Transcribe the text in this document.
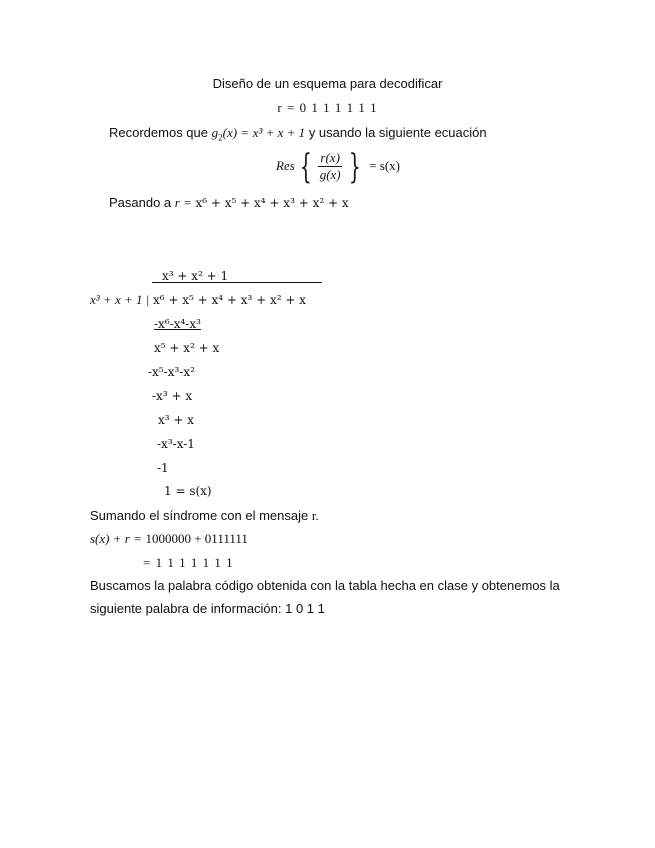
Diseño de un esquema para decodificar
r = 0 1 1 1 1 1 1
Recordemos que $g_2(x) = x^3 + x + 1$ y usando la siguiente ecuación
Res { $\frac{r(x)}{g(x)}$ } = s(x)
Pasando a r = x⁶ + x⁵ + x⁴ + x³ + x² + x
x³ + x² + 1
x³ + x + 1 | x⁶ + x⁵ + x⁴ + x³ + x² + x
-x⁶-x⁴-x³
x⁵ + x² + x
-x⁵-x³-x²
-x³ + x
x³ + x
-x³-x-1
-1
1 = s(x)
Sumando el síndrome con el mensaje r.
s(x) + r = 1000000 + 0111111
= 1 1 1 1 1 1 1
Buscamos la palabra código obtenida con la tabla hecha en clase y obtenemos la
siguiente palabra de información: 1 0 1 1
